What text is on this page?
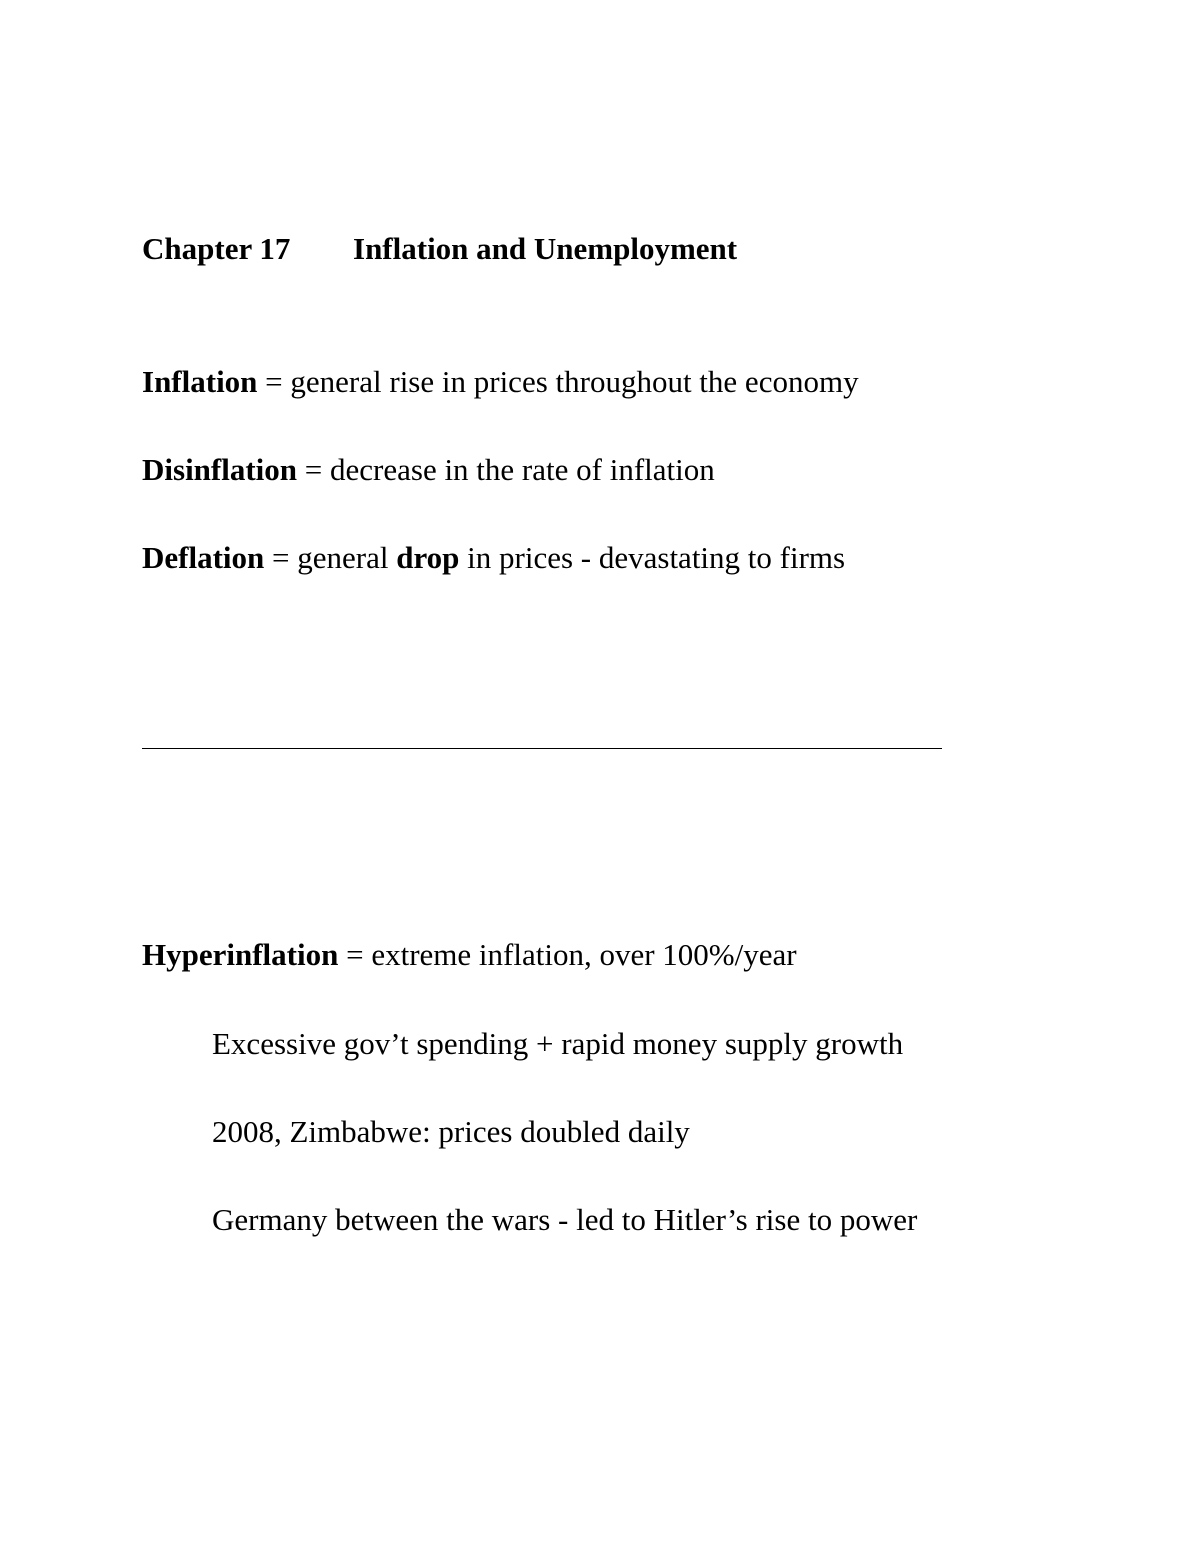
Chapter 17 Inflation and Unemployment
Inflation = general rise in prices throughout the economy
Disinflation = decrease in the rate of inflation
Deflation = general drop in prices - devastating to firms
Hyperinflation = extreme inflation, over 100%/year
Excessive gov’t spending + rapid money supply growth
2008, Zimbabwe: prices doubled daily
Germany between the wars - led to Hitler’s rise to power
